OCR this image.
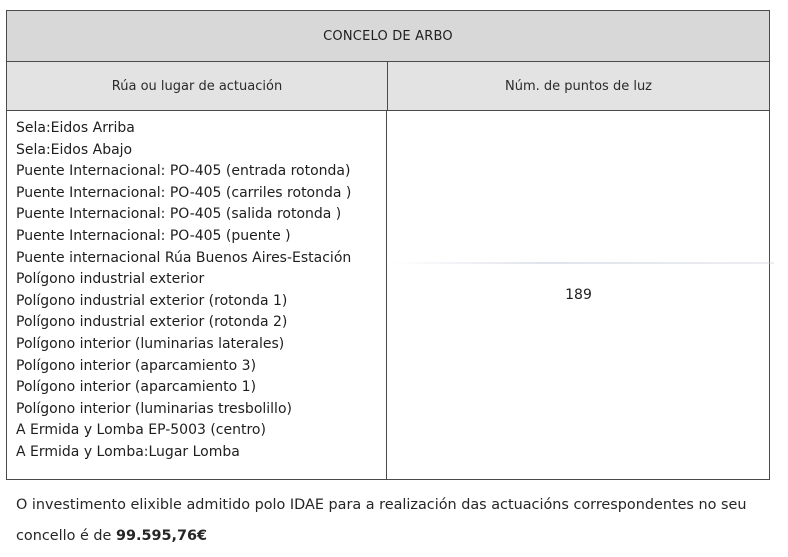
CONCELO DE ARBO
Rúa ou lugar de actuación	Núm. de puntos de luz
Sela:Eidos Arriba
Sela:Eidos Abajo
Puente Internacional: PO-405 (entrada rotonda)
Puente Internacional: PO-405 (carriles rotonda )
Puente Internacional: PO-405 (salida rotonda )
Puente Internacional: PO-405 (puente )
Puente internacional Rúa Buenos Aires-Estación
Polígono industrial exterior
Polígono industrial exterior (rotonda 1)
Polígono industrial exterior (rotonda 2)
Polígono interior (luminarias laterales)
Polígono interior (aparcamiento 3)
Polígono interior (aparcamiento 1)
Polígono interior (luminarias tresbolillo)
A Ermida y Lomba EP-5003 (centro)
A Ermida y Lomba:Lugar Lomba
189
O investimento elixible admitido polo IDAE para a realización das actuacións correspondentes no seu
concello é de 99.595,76€
